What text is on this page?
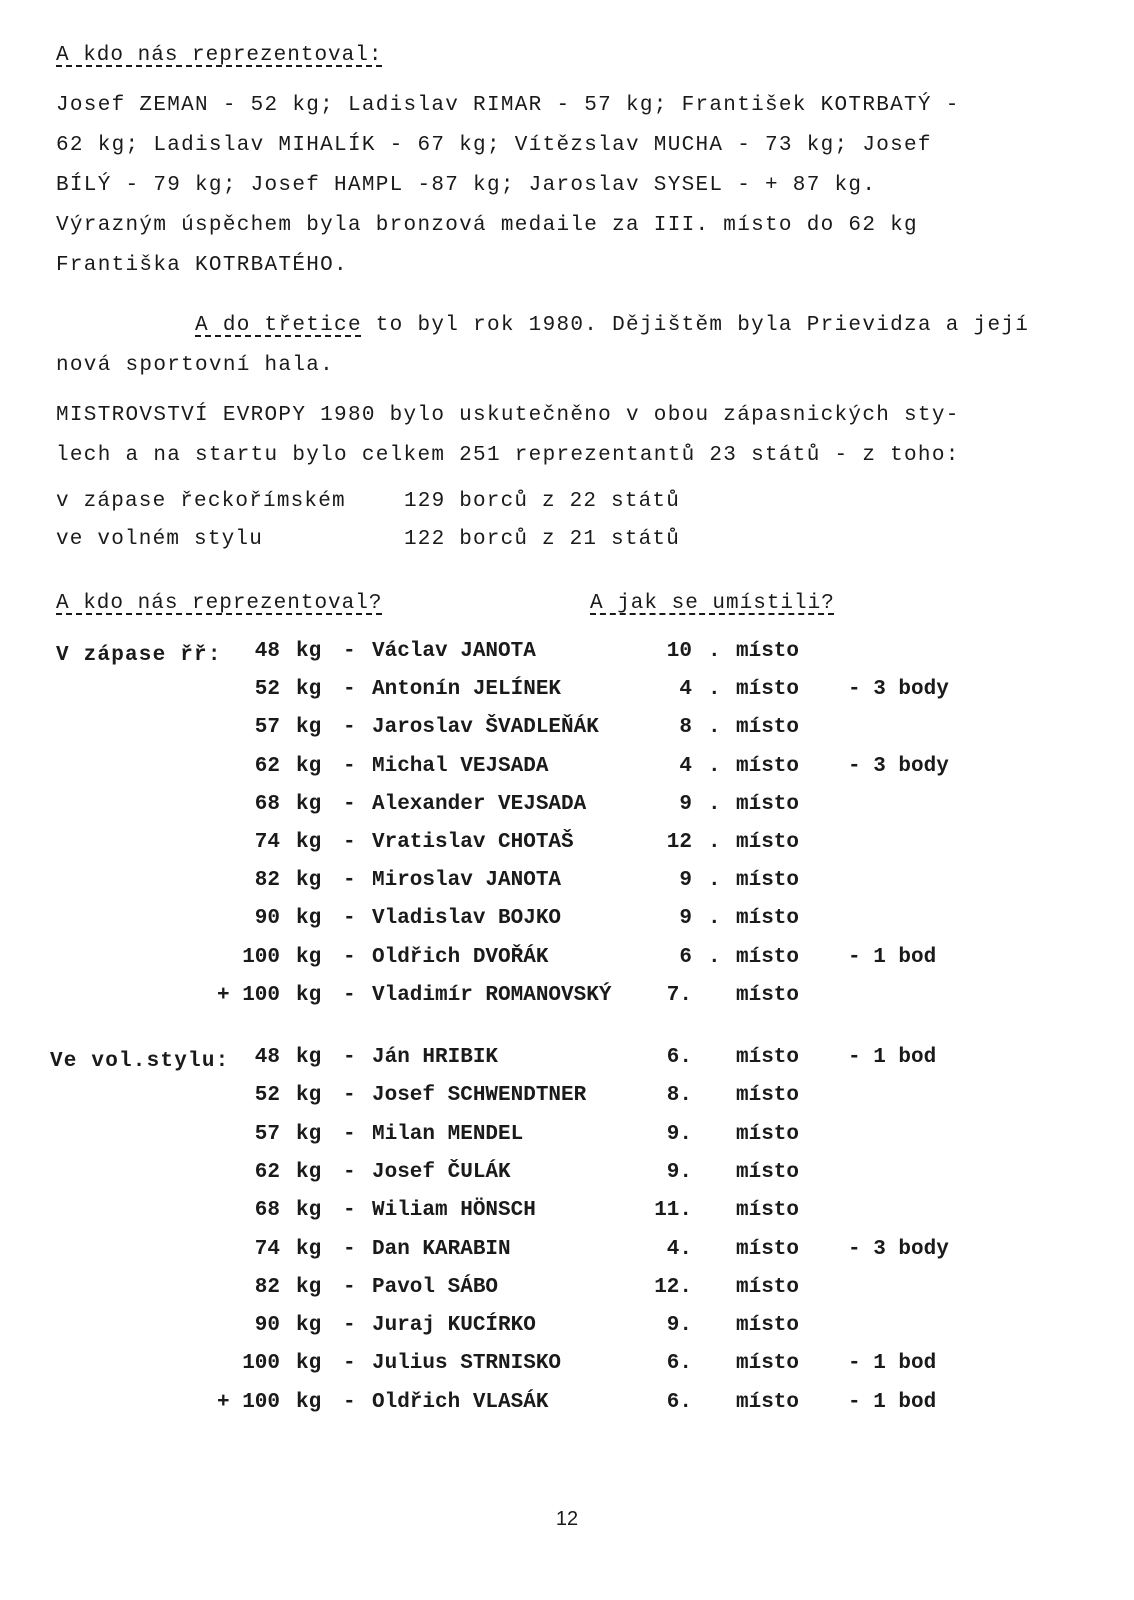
A kdo nás reprezentoval:
Josef ZEMAN - 52 kg; Ladislav RIMAR - 57 kg; František KOTRBATÝ -
62 kg; Ladislav MIHALÍK - 67 kg; Vítězslav MUCHA - 73 kg; Josef
BÍLÝ - 79 kg; Josef HAMPL -87 kg; Jaroslav SYSEL - + 87 kg.
Výrazným úspěchem byla bronzová medaile za III. místo do 62 kg
Františka KOTRBATÉHO.
A do třetice to byl rok 1980. Dějištěm byla Prievidza a její
nová sportovní hala.
MISTROVSTVÍ EVROPY 1980 bylo uskutečněno v obou zápasnických sty-
lech a na startu bylo celkem 251 reprezentantů 23 států - z toho:
v zápase řeckořímském	129 borců z 22 států
ve volném stylu	122 borců z 21 států
A kdo nás reprezentoval?	A jak se umístili?
V zápase řř:	48 kg - Václav JANOTA	10 . místo
52 kg - Antonín JELÍNEK	4 . místo - 3 body
57 kg - Jaroslav ŠVADLEŇÁK	8 . místo
62 kg - Michal VEJSADA	4 . místo - 3 body
68 kg - Alexander VEJSADA	9 . místo
74 kg - Vratislav CHOTAŠ	12 . místo
82 kg - Miroslav JANOTA	9 . místo
90 kg - Vladislav BOJKO	9 . místo
100 kg - Oldřich DVOŘÁK	6 . místo - 1 bod
+ 100 kg - Vladimír ROMANOVSKÝ	7. místo
Ve vol.stylu:	48 kg - Ján HRIBIK	6. místo - 1 bod
52 kg - Josef SCHWENDTNER	8. místo
57 kg - Milan MENDEL	9. místo
62 kg - Josef ČULÁK	9. místo
68 kg - Wiliam HÖNSCH	11. místo
74 kg - Dan KARABIN	4. místo - 3 body
82 kg - Pavol SÁBO	12. místo
90 kg - Juraj KUCÍRKO	9. místo
100 kg - Julius STRNISKO	6. místo - 1 bod
+ 100 kg - Oldřich VLASÁK	6. místo - 1 bod
12
